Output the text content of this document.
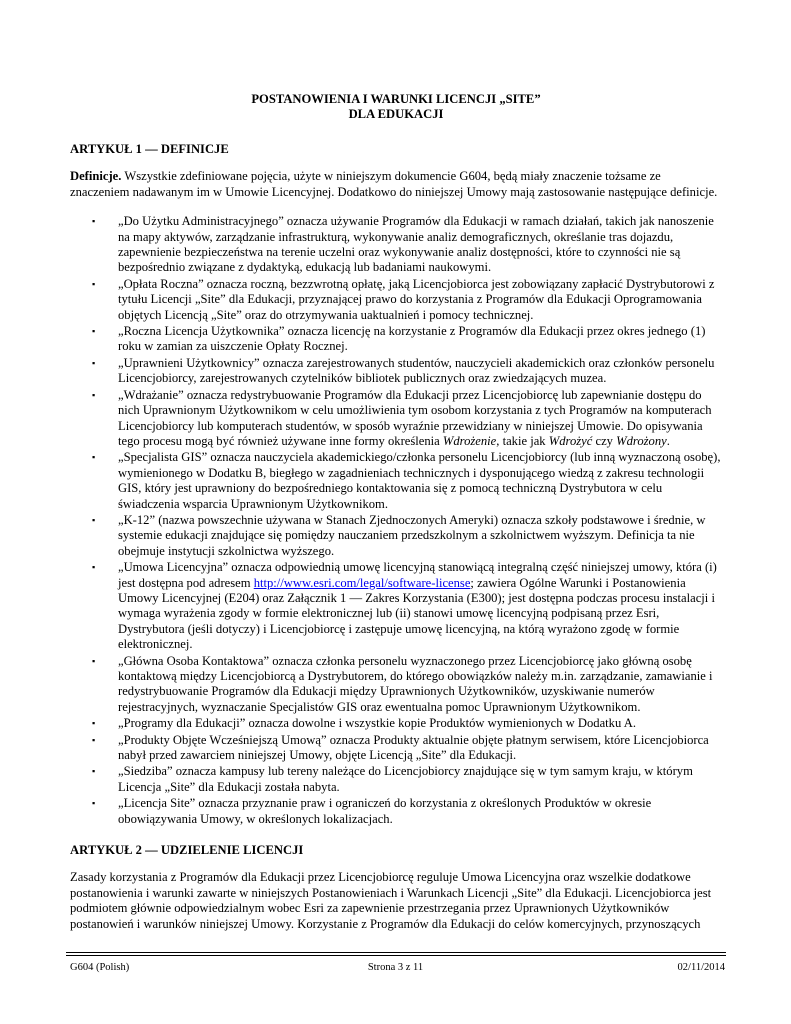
POSTANOWIENIA I WARUNKI LICENCJI „SITE”

DLA EDUKACJI

ARTYKUŁ 1 — DEFINICJE

Definicje. Wszystkie zdefiniowane pojęcia, użyte w niniejszym dokumencie G604, będą miały znaczenie tożsame ze znaczeniem nadawanym im w Umowie Licencyjnej. Dodatkowo do niniejszej Umowy mają zastosowanie następujące definicje.

▪ „Do Użytku Administracyjnego” oznacza używanie Programów dla Edukacji w ramach działań, takich jak nanoszenie na mapy aktywów, zarządzanie infrastrukturą, wykonywanie analiz demograficznych, określanie tras dojazdu, zapewnienie bezpieczeństwa na terenie uczelni oraz wykonywanie analiz dostępności, które to czynności nie są bezpośrednio związane z dydaktyką, edukacją lub badaniami naukowymi.
▪ „Opłata Roczna” oznacza roczną, bezzwrotną opłatę, jaką Licencjobiorca jest zobowiązany zapłacić Dystrybutorowi z tytułu Licencji „Site” dla Edukacji, przyznającej prawo do korzystania z Programów dla Edukacji Oprogramowania objętych Licencją „Site” oraz do otrzymywania uaktualnień i pomocy technicznej.
▪ „Roczna Licencja Użytkownika” oznacza licencję na korzystanie z Programów dla Edukacji przez okres jednego (1) roku w zamian za uiszczenie Opłaty Rocznej.
▪ „Uprawnieni Użytkownicy” oznacza zarejestrowanych studentów, nauczycieli akademickich oraz członków personelu Licencjobiorcy, zarejestrowanych czytelników bibliotek publicznych oraz zwiedzających muzea.
▪ „Wdrażanie” oznacza redystrybuowanie Programów dla Edukacji przez Licencjobiorcę lub zapewnianie dostępu do nich Uprawnionym Użytkownikom w celu umożliwienia tym osobom korzystania z tych Programów na komputerach Licencjobiorcy lub komputerach studentów, w sposób wyraźnie przewidziany w niniejszej Umowie. Do opisywania tego procesu mogą być również używane inne formy określenia Wdrożenie, takie jak Wdrożyć czy Wdrożony.
▪ „Specjalista GIS” oznacza nauczyciela akademickiego/członka personelu Licencjobiorcy (lub inną wyznaczoną osobę), wymienionego w Dodatku B, biegłego w zagadnieniach technicznych i dysponującego wiedzą z zakresu technologii GIS, który jest uprawniony do bezpośredniego kontaktowania się z pomocą techniczną Dystrybutora w celu świadczenia wsparcia Uprawnionym Użytkownikom.
▪ „K-12” (nazwa powszechnie używana w Stanach Zjednoczonych Ameryki) oznacza szkoły podstawowe i średnie, w systemie edukacji znajdujące się pomiędzy nauczaniem przedszkolnym a szkolnictwem wyższym. Definicja ta nie obejmuje instytucji szkolnictwa wyższego.
▪ „Umowa Licencyjna” oznacza odpowiednią umowę licencyjną stanowiącą integralną część niniejszej umowy, która (i) jest dostępna pod adresem http://www.esri.com/legal/software-license; zawiera Ogólne Warunki i Postanowienia Umowy Licencyjnej (E204) oraz Załącznik 1 — Zakres Korzystania (E300); jest dostępna podczas procesu instalacji i wymaga wyrażenia zgody w formie elektronicznej lub (ii) stanowi umowę licencyjną podpisaną przez Esri, Dystrybutora (jeśli dotyczy) i Licencjobiorcę i zastępuje umowę licencyjną, na którą wyrażono zgodę w formie elektronicznej.
▪ „Główna Osoba Kontaktowa” oznacza członka personelu wyznaczonego przez Licencjobiorcę jako główną osobę kontaktową między Licencjobiorcą a Dystrybutorem, do którego obowiązków należy m.in. zarządzanie, zamawianie i redystrybuowanie Programów dla Edukacji między Uprawnionych Użytkowników, uzyskiwanie numerów rejestracyjnych, wyznaczanie Specjalistów GIS oraz ewentualna pomoc Uprawnionym Użytkownikom.
▪ „Programy dla Edukacji” oznacza dowolne i wszystkie kopie Produktów wymienionych w Dodatku A.
▪ „Produkty Objęte Wcześniejszą Umową” oznacza Produkty aktualnie objęte płatnym serwisem, które Licencjobiorca nabył przed zawarciem niniejszej Umowy, objęte Licencją „Site” dla Edukacji.
▪ „Siedziba” oznacza kampusy lub tereny należące do Licencjobiorcy znajdujące się w tym samym kraju, w którym Licencja „Site” dla Edukacji została nabyta.
▪ „Licencja Site” oznacza przyznanie praw i ograniczeń do korzystania z określonych Produktów w okresie obowiązywania Umowy, w określonych lokalizacjach.
ARTYKUŁ 2 — UDZIELENIE LICENCJI

Zasady korzystania z Programów dla Edukacji przez Licencjobiorcę reguluje Umowa Licencyjna oraz wszelkie dodatkowe postanowienia i warunki zawarte w niniejszych Postanowieniach i Warunkach Licencji „Site” dla Edukacji. Licencjobiorca jest podmiotem głównie odpowiedzialnym wobec Esri za zapewnienie przestrzegania przez Uprawnionych Użytkowników postanowień i warunków niniejszej Umowy. Korzystanie z Programów dla Edukacji do celów komercyjnych, przynoszących

G604 (Polish)	Strona 3 z 11	02/11/2014
